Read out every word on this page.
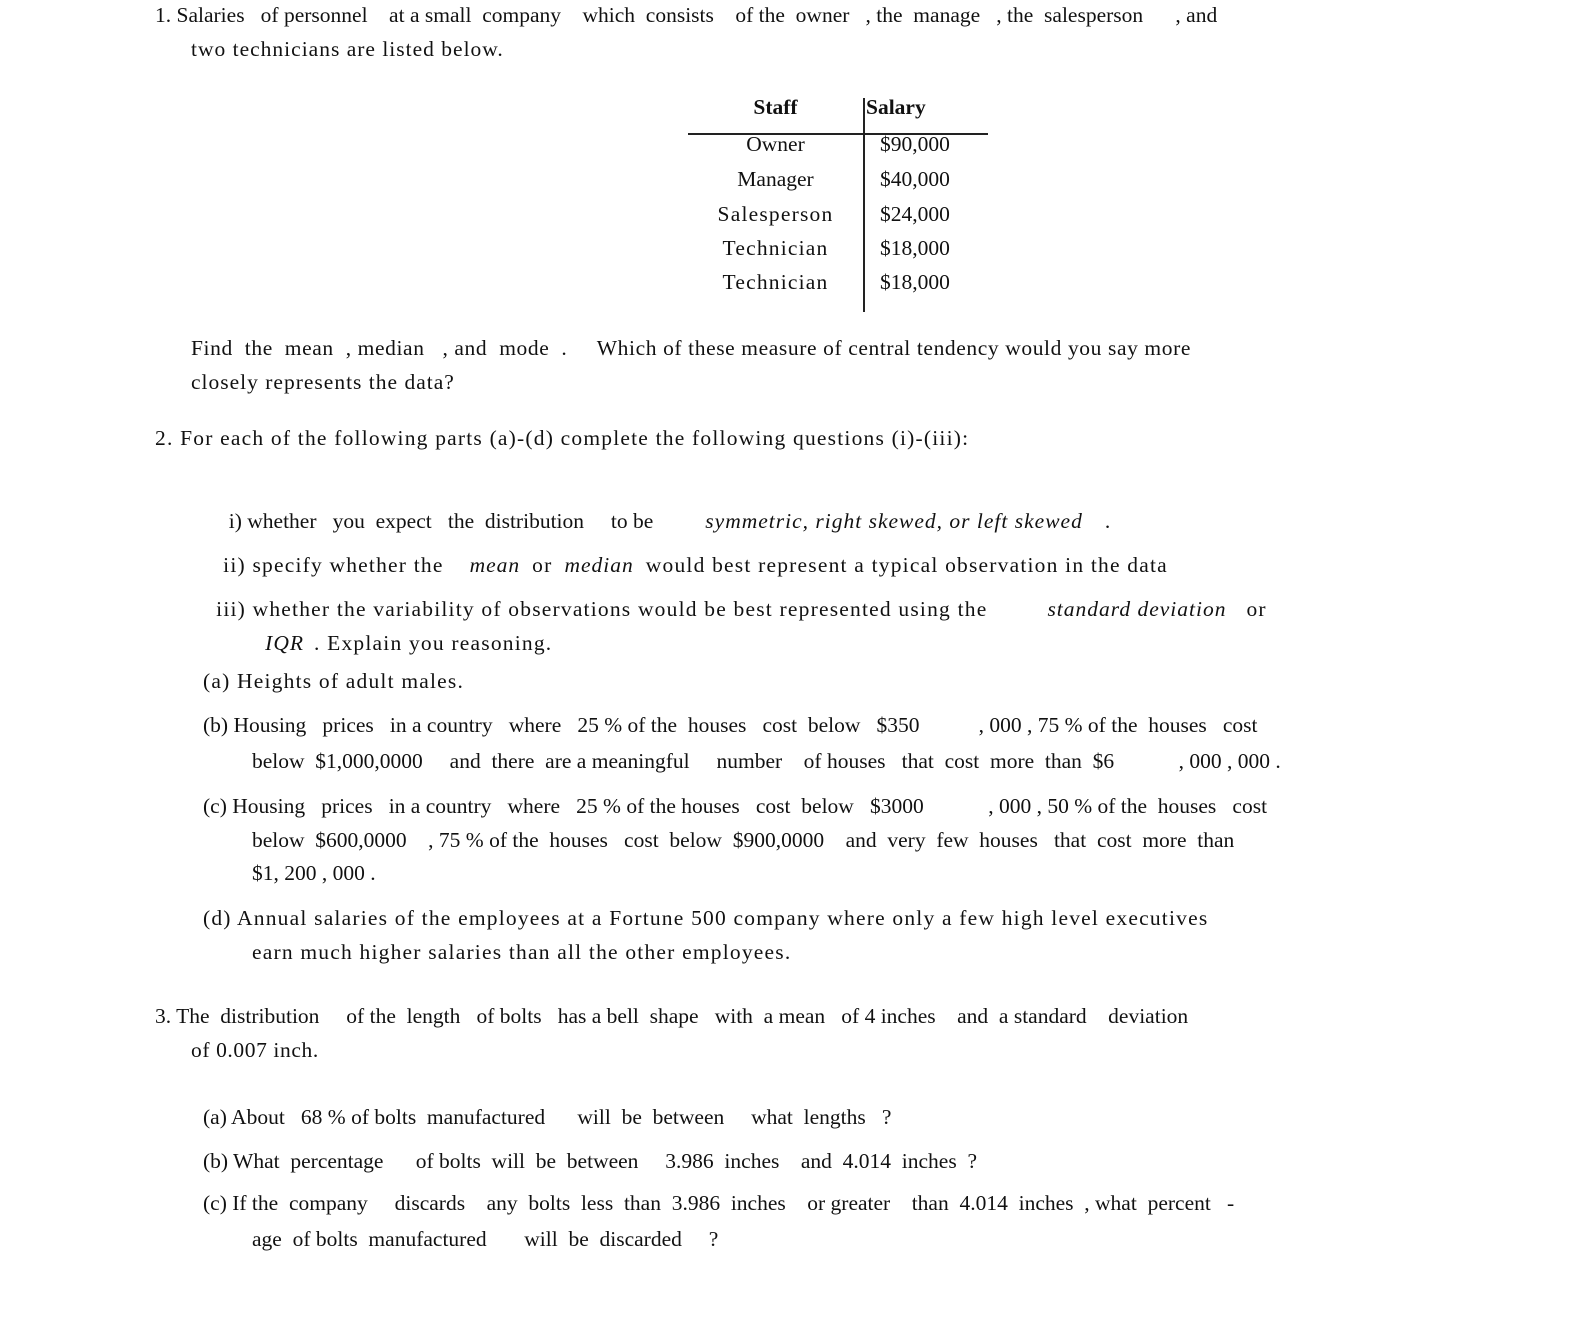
1. Salaries   of personnel    at a small  company    which  consists    of the  owner   , the  manage   , the  salesperson      , and
two technicians are listed below.
Staff	Salary
Owner	$90,000
Manager	$40,000
Salesperson	$24,000
Technician	$18,000
Technician	$18,000
Find  the  mean  , median   , and  mode  .     Which of these measure of central tendency would you say more
closely represents the data?
2. For each of the following parts (a)-(d) complete the following questions (i)-(iii):

i) whether   you  expect   the  distribution     to be symmetric, right skewed, or left skewed .

ii) specify whether the mean or median would best represent a typical observation in the data

iii) whether the variability of observations would be best represented using the	standard deviation or

IQR . Explain you reasoning.

(a) Heights of adult males.
(b) Housing   prices   in a country   where   25 % of the  houses   cost  below   $350           , 000 , 75 % of the  houses   cost
below  $1,000,0000     and  there  are a meaningful     number    of houses   that  cost  more  than  $6            , 000 , 000 .
(c) Housing   prices   in a country   where   25 % of the houses   cost  below   $3000            , 000 , 50 % of the  houses   cost
below  $600,0000    , 75 % of the  houses   cost  below  $900,0000    and  very  few  houses   that  cost  more  than
$1, 200 , 000 .
(d) Annual salaries of the employees at a Fortune 500 company where only a few high level executives
earn much higher salaries than all the other employees.
3. The  distribution     of the  length   of bolts   has a bell  shape   with  a mean   of 4 inches    and  a standard    deviation
of 0.007 inch.
(a) About   68 % of bolts  manufactured      will  be  between     what  lengths   ?
(b) What  percentage      of bolts  will  be  between     3.986  inches    and  4.014  inches  ?
(c) If the  company     discards    any  bolts  less  than  3.986  inches    or greater    than  4.014  inches  , what  percent   -
age  of bolts  manufactured       will  be  discarded     ?
